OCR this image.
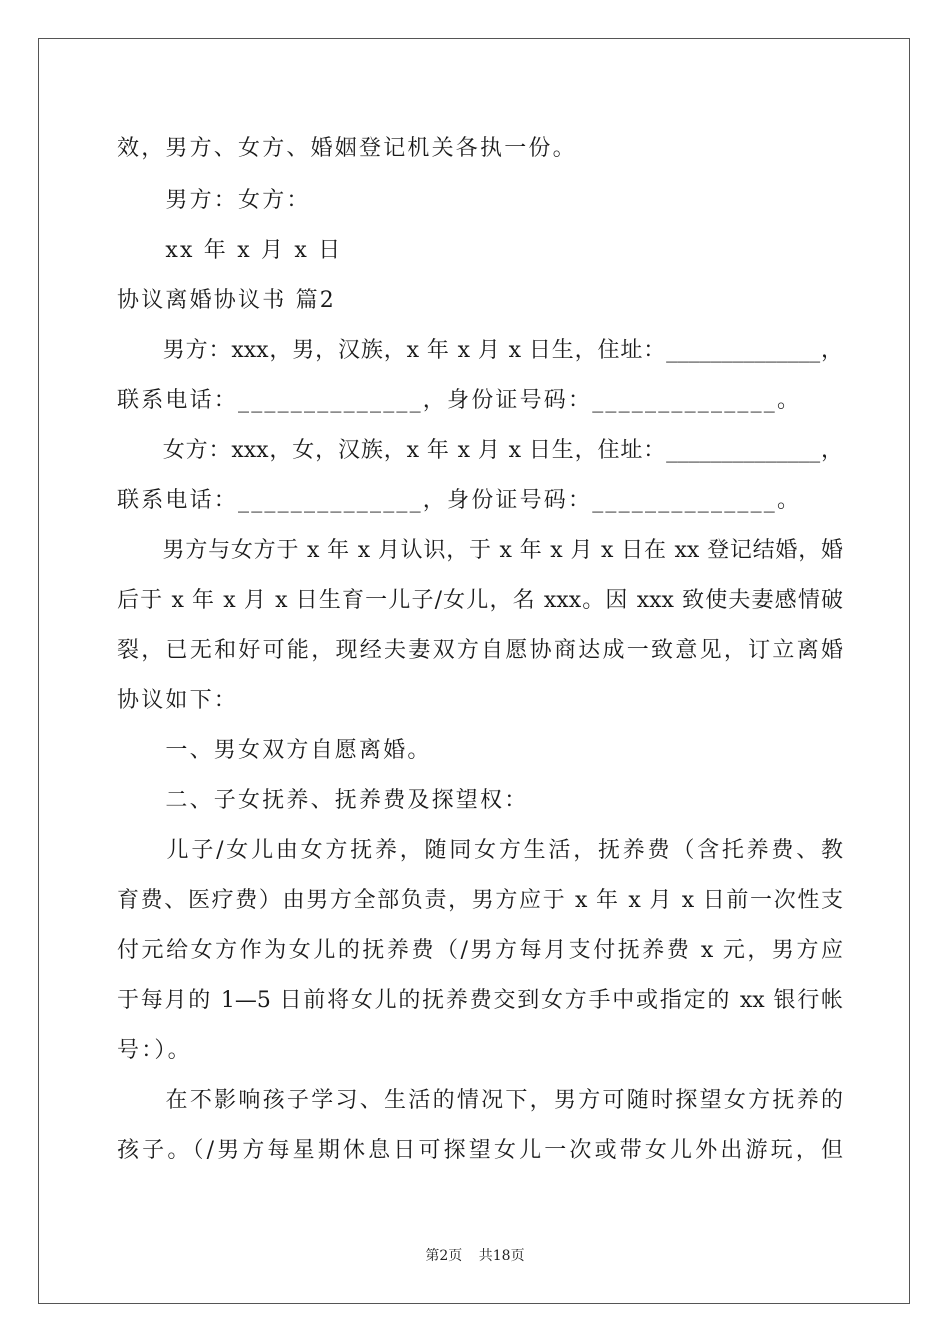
效，男方、女方、婚姻登记机关各执一份。
　　男方：女方：
　　xx 年 x 月 x 日
协议离婚协议书 篇2
　　男方：xxx，男，汉族，x 年 x 月 x 日生，住址：______________，
联系电话：______________，身份证号码：______________。
　　女方：xxx，女，汉族，x 年 x 月 x 日生，住址：______________，
联系电话：______________，身份证号码：______________。
　　男方与女方于 x 年 x 月认识，于 x 年 x 月 x 日在 xx 登记结婚，婚
后于 x 年 x 月 x 日生育一儿子/女儿，名 xxx。因 xxx 致使夫妻感情破
裂，已无和好可能，现经夫妻双方自愿协商达成一致意见，订立离婚
协议如下：
　　一、男女双方自愿离婚。
　　二、子女抚养、抚养费及探望权：
　　儿子/女儿由女方抚养，随同女方生活，抚养费（含托养费、教
育费、医疗费）由男方全部负责，男方应于 x 年 x 月 x 日前一次性支
付元给女方作为女儿的抚养费（/男方每月支付抚养费 x 元，男方应
于每月的 1—5 日前将女儿的抚养费交到女方手中或指定的 xx 银行帐
号：）。
　　在不影响孩子学习、生活的情况下，男方可随时探望女方抚养的
孩子。（/男方每星期休息日可探望女儿一次或带女儿外出游玩，但
第2页 共18页
